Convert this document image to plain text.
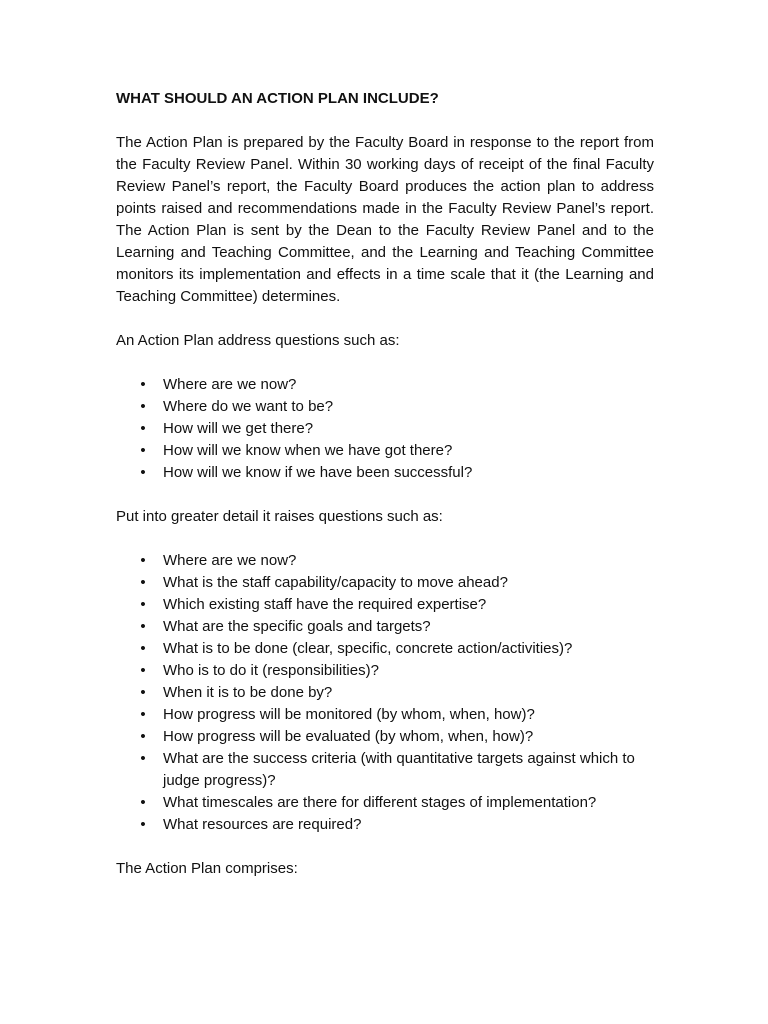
WHAT SHOULD AN ACTION PLAN INCLUDE?

The Action Plan is prepared by the Faculty Board in response to the report from the Faculty Review Panel. Within 30 working days of receipt of the final Faculty Review Panel’s report, the Faculty Board produces the action plan to address points raised and recommendations made in the Faculty Review Panel’s report. The Action Plan is sent by the Dean to the Faculty Review Panel and to the Learning and Teaching Committee, and the Learning and Teaching Committee monitors its implementation and effects in a time scale that it (the Learning and Teaching Committee) determines.

An Action Plan address questions such as:

• Where are we now?
• Where do we want to be?
• How will we get there?
• How will we know when we have got there?
• How will we know if we have been successful?

Put into greater detail it raises questions such as:

• Where are we now?
• What is the staff capability/capacity to move ahead?
• Which existing staff have the required expertise?
• What are the specific goals and targets?
• What is to be done (clear, specific, concrete action/activities)?
• Who is to do it (responsibilities)?
• When it is to be done by?
• How progress will be monitored (by whom, when, how)?
• How progress will be evaluated (by whom, when, how)?
• What are the success criteria (with quantitative targets against which to judge progress)?
• What timescales are there for different stages of implementation?
• What resources are required?

The Action Plan comprises:
